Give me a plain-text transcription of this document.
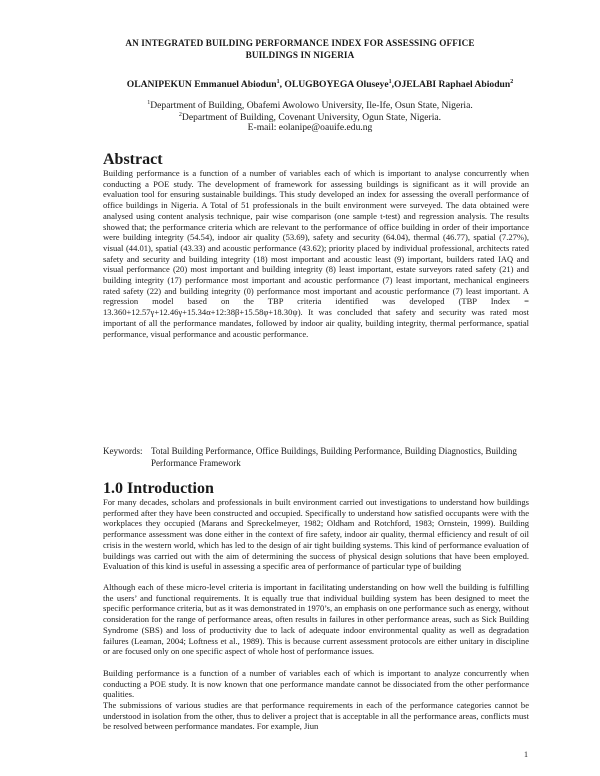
AN INTEGRATED BUILDING PERFORMANCE INDEX FOR ASSESSING OFFICE
BUILDINGS IN NIGERIA
OLANIPEKUN Emmanuel Abiodun$^1$, OLUGBOYEGA Oluseye$^1$,OJELABI Raphael Abiodun$^2$
$^1$Department of Building, Obafemi Awolowo University, Ile-Ife, Osun State, Nigeria.
$^2$Department of Building, Covenant University, Ogun State, Nigeria.
E-mail: eolanipe@oauife.edu.ng
Abstract

Building performance is a function of a number of variables each of which is important to analyse concurrently when conducting a POE study. The development of framework for assessing buildings is significant as it will provide an evaluation tool for ensuring sustainable buildings. This study developed an index for assessing the overall performance of office buildings in Nigeria. A Total of 51 professionals in the built environment were surveyed. The data obtained were analysed using content analysis technique, pair wise comparison (one sample t-test) and regression analysis. The results showed that; the performance criteria which are relevant to the performance of office building in order of their importance were building integrity (54.54), indoor air quality (53.69), safety and security (64.04), thermal (46.77), spatial (7.27%), visual (44.01), spatial (43.33) and acoustic performance (43.62); priority placed by individual professional, architects rated safety and security and building integrity (18) most important and acoustic least (9) important, builders rated IAQ and visual performance (20) most important and building integrity (8) least important, estate surveyors rated safety (21) and building integrity (17) performance most important and acoustic performance (7) least important, mechanical engineers rated safety (22) and building integrity (0) performance most important and acoustic performance (7) least important. A regression model based on the TBP criteria identified was developed (TBP Index = 13.360+12.57γ+12.46γ+15.34α+12:38β+15.58φ+18.30ψ). It was concluded that safety and security was rated most important of all the performance mandates, followed by indoor air quality, building integrity, thermal performance, spatial performance, visual performance and acoustic performance.

Keywords: Total Building Performance, Office Buildings, Building Performance, Building Diagnostics, Building Performance Framework
1.0 Introduction

For many decades, scholars and professionals in built environment carried out investigations to understand how buildings performed after they have been constructed and occupied. Specifically to understand how satisfied occupants were with the workplaces they occupied (Marans and Spreckelmeyer, 1982; Oldham and Rotchford, 1983; Ornstein, 1999). Building performance assessment was done either in the context of fire safety, indoor air quality, thermal efficiency and result of oil crisis in the western world, which has led to the design of air tight building systems. This kind of performance evaluation of buildings was carried out with the aim of determining the success of physical design solutions that have been employed. Evaluation of this kind is useful in assessing a specific area of performance of particular type of building

Although each of these micro-level criteria is important in facilitating understanding on how well the building is fulfilling the users’ and functional requirements. It is equally true that individual building system has been designed to meet the specific performance criteria, but as it was demonstrated in 1970’s, an emphasis on one performance such as energy, without consideration for the range of performance areas, often results in failures in other performance areas, such as Sick Building Syndrome (SBS) and loss of productivity due to lack of adequate indoor environmental quality as well as degradation failures (Leaman, 2004; Loftness et al., 1989). This is because current assessment protocols are either unitary in discipline or are focused only on one specific aspect of whole host of performance issues.

Building performance is a function of a number of variables each of which is important to analyze concurrently when conducting a POE study. It is now known that one performance mandate cannot be dissociated from the other performance qualities.

The submissions of various studies are that performance requirements in each of the performance categories cannot be understood in isolation from the other, thus to deliver a project that is acceptable in all the performance areas, conflicts must be resolved between performance mandates. For example, Jiun

1
